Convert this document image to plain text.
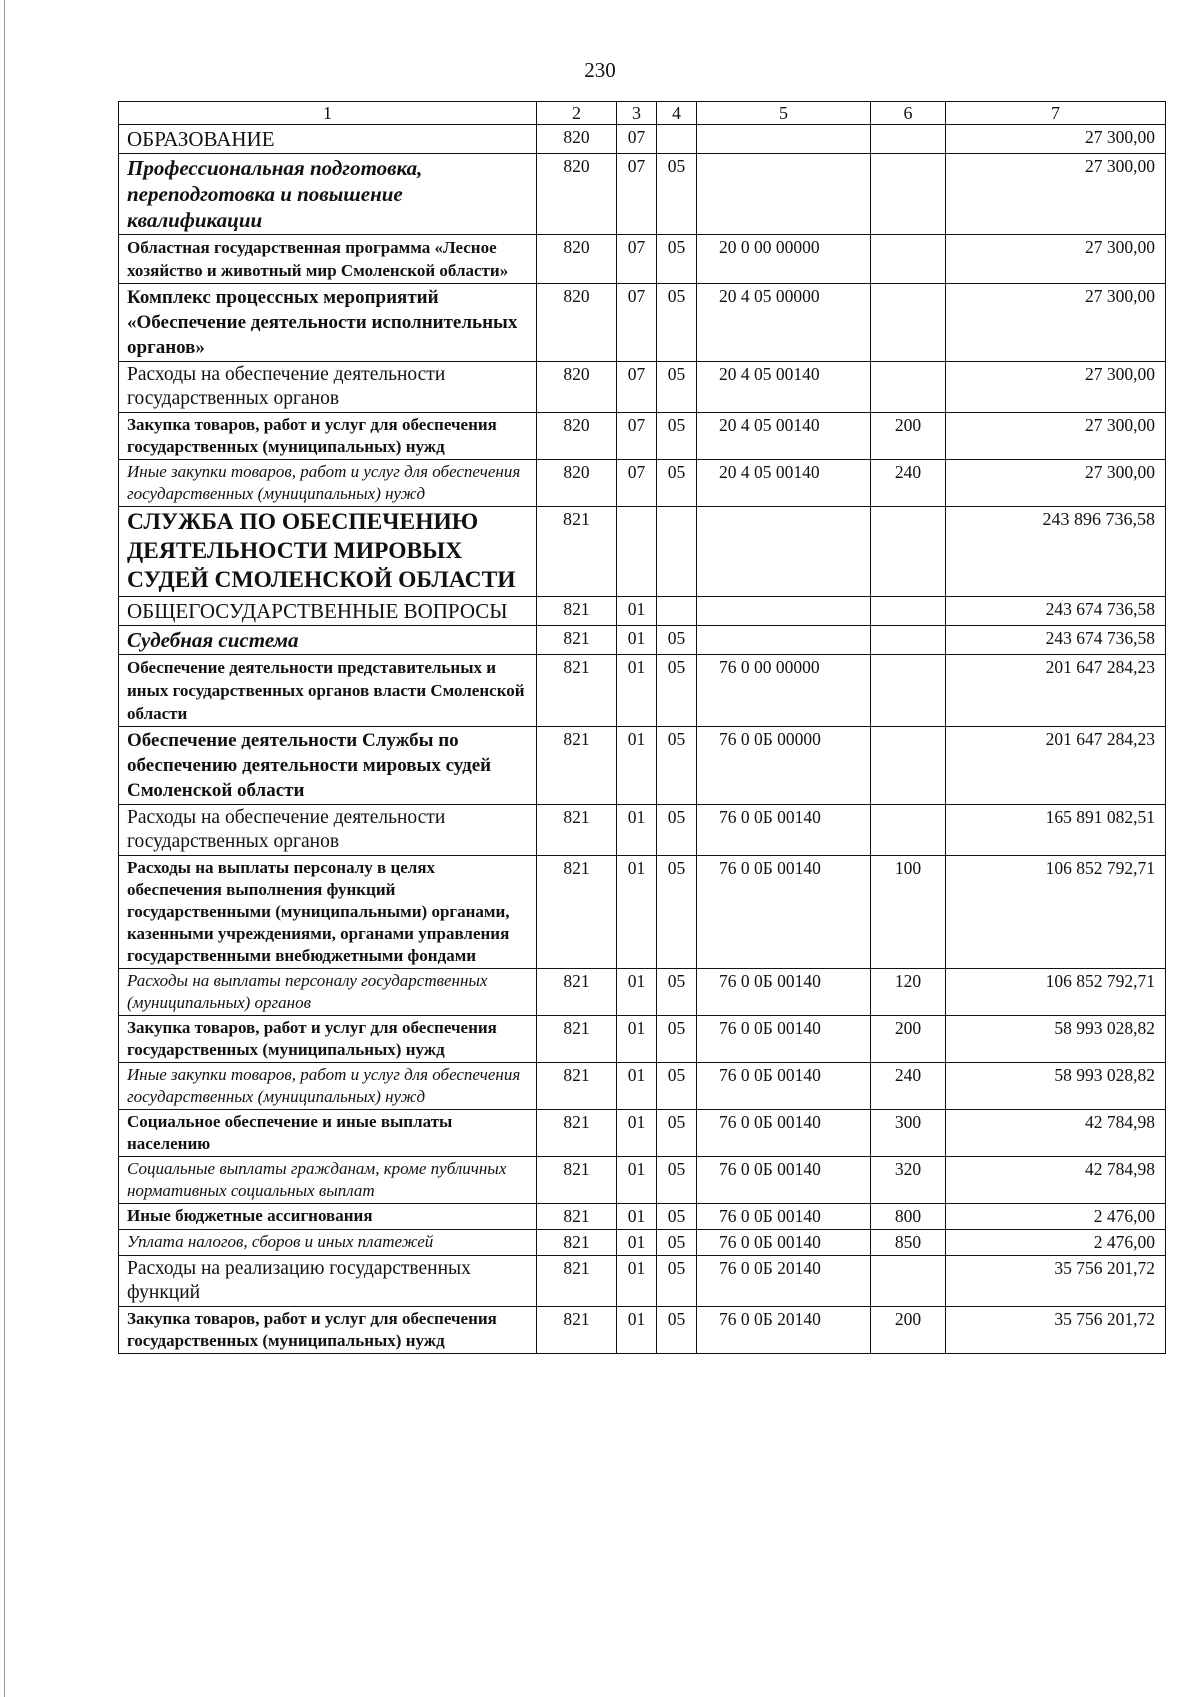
230
1	2	3	4	5	6	7
ОБРАЗОВАНИЕ	820	07				27 300,00
Профессиональная подготовка, переподготовка и повышение квалификации	820	07	05			27 300,00
Областная государственная программа «Лесное хозяйство и животный мир Смоленской области»	820	07	05	20 0 00 00000		27 300,00
Комплекс процессных мероприятий «Обеспечение деятельности исполнительных органов»	820	07	05	20 4 05 00000		27 300,00
Расходы на обеспечение деятельности государственных органов	820	07	05	20 4 05 00140		27 300,00
Закупка товаров, работ и услуг для обеспечения государственных (муниципальных) нужд	820	07	05	20 4 05 00140	200	27 300,00
Иные закупки товаров, работ и услуг для обеспечения государственных (муниципальных) нужд	820	07	05	20 4 05 00140	240	27 300,00
СЛУЖБА ПО ОБЕСПЕЧЕНИЮ ДЕЯТЕЛЬНОСТИ МИРОВЫХ СУДЕЙ СМОЛЕНСКОЙ ОБЛАСТИ	821					243 896 736,58
ОБЩЕГОСУДАРСТВЕННЫЕ ВОПРОСЫ	821	01				243 674 736,58
Судебная система	821	01	05			243 674 736,58
Обеспечение деятельности представительных и иных государственных органов власти Смоленской области	821	01	05	76 0 00 00000		201 647 284,23
Обеспечение деятельности Службы по обеспечению деятельности мировых судей Смоленской области	821	01	05	76 0 0Б 00000		201 647 284,23
Расходы на обеспечение деятельности государственных органов	821	01	05	76 0 0Б 00140		165 891 082,51
Расходы на выплаты персоналу в целях обеспечения выполнения функций государственными (муниципальными) органами, казенными учреждениями, органами управления государственными внебюджетными фондами	821	01	05	76 0 0Б 00140	100	106 852 792,71
Расходы на выплаты персоналу государственных (муниципальных) органов	821	01	05	76 0 0Б 00140	120	106 852 792,71
Закупка товаров, работ и услуг для обеспечения государственных (муниципальных) нужд	821	01	05	76 0 0Б 00140	200	58 993 028,82
Иные закупки товаров, работ и услуг для обеспечения государственных (муниципальных) нужд	821	01	05	76 0 0Б 00140	240	58 993 028,82
Социальное обеспечение и иные выплаты населению	821	01	05	76 0 0Б 00140	300	42 784,98
Социальные выплаты гражданам, кроме публичных нормативных социальных выплат	821	01	05	76 0 0Б 00140	320	42 784,98
Иные бюджетные ассигнования	821	01	05	76 0 0Б 00140	800	2 476,00
Уплата налогов, сборов и иных платежей	821	01	05	76 0 0Б 00140	850	2 476,00
Расходы на реализацию государственных функций	821	01	05	76 0 0Б 20140		35 756 201,72
Закупка товаров, работ и услуг для обеспечения государственных (муниципальных) нужд	821	01	05	76 0 0Б 20140	200	35 756 201,72
